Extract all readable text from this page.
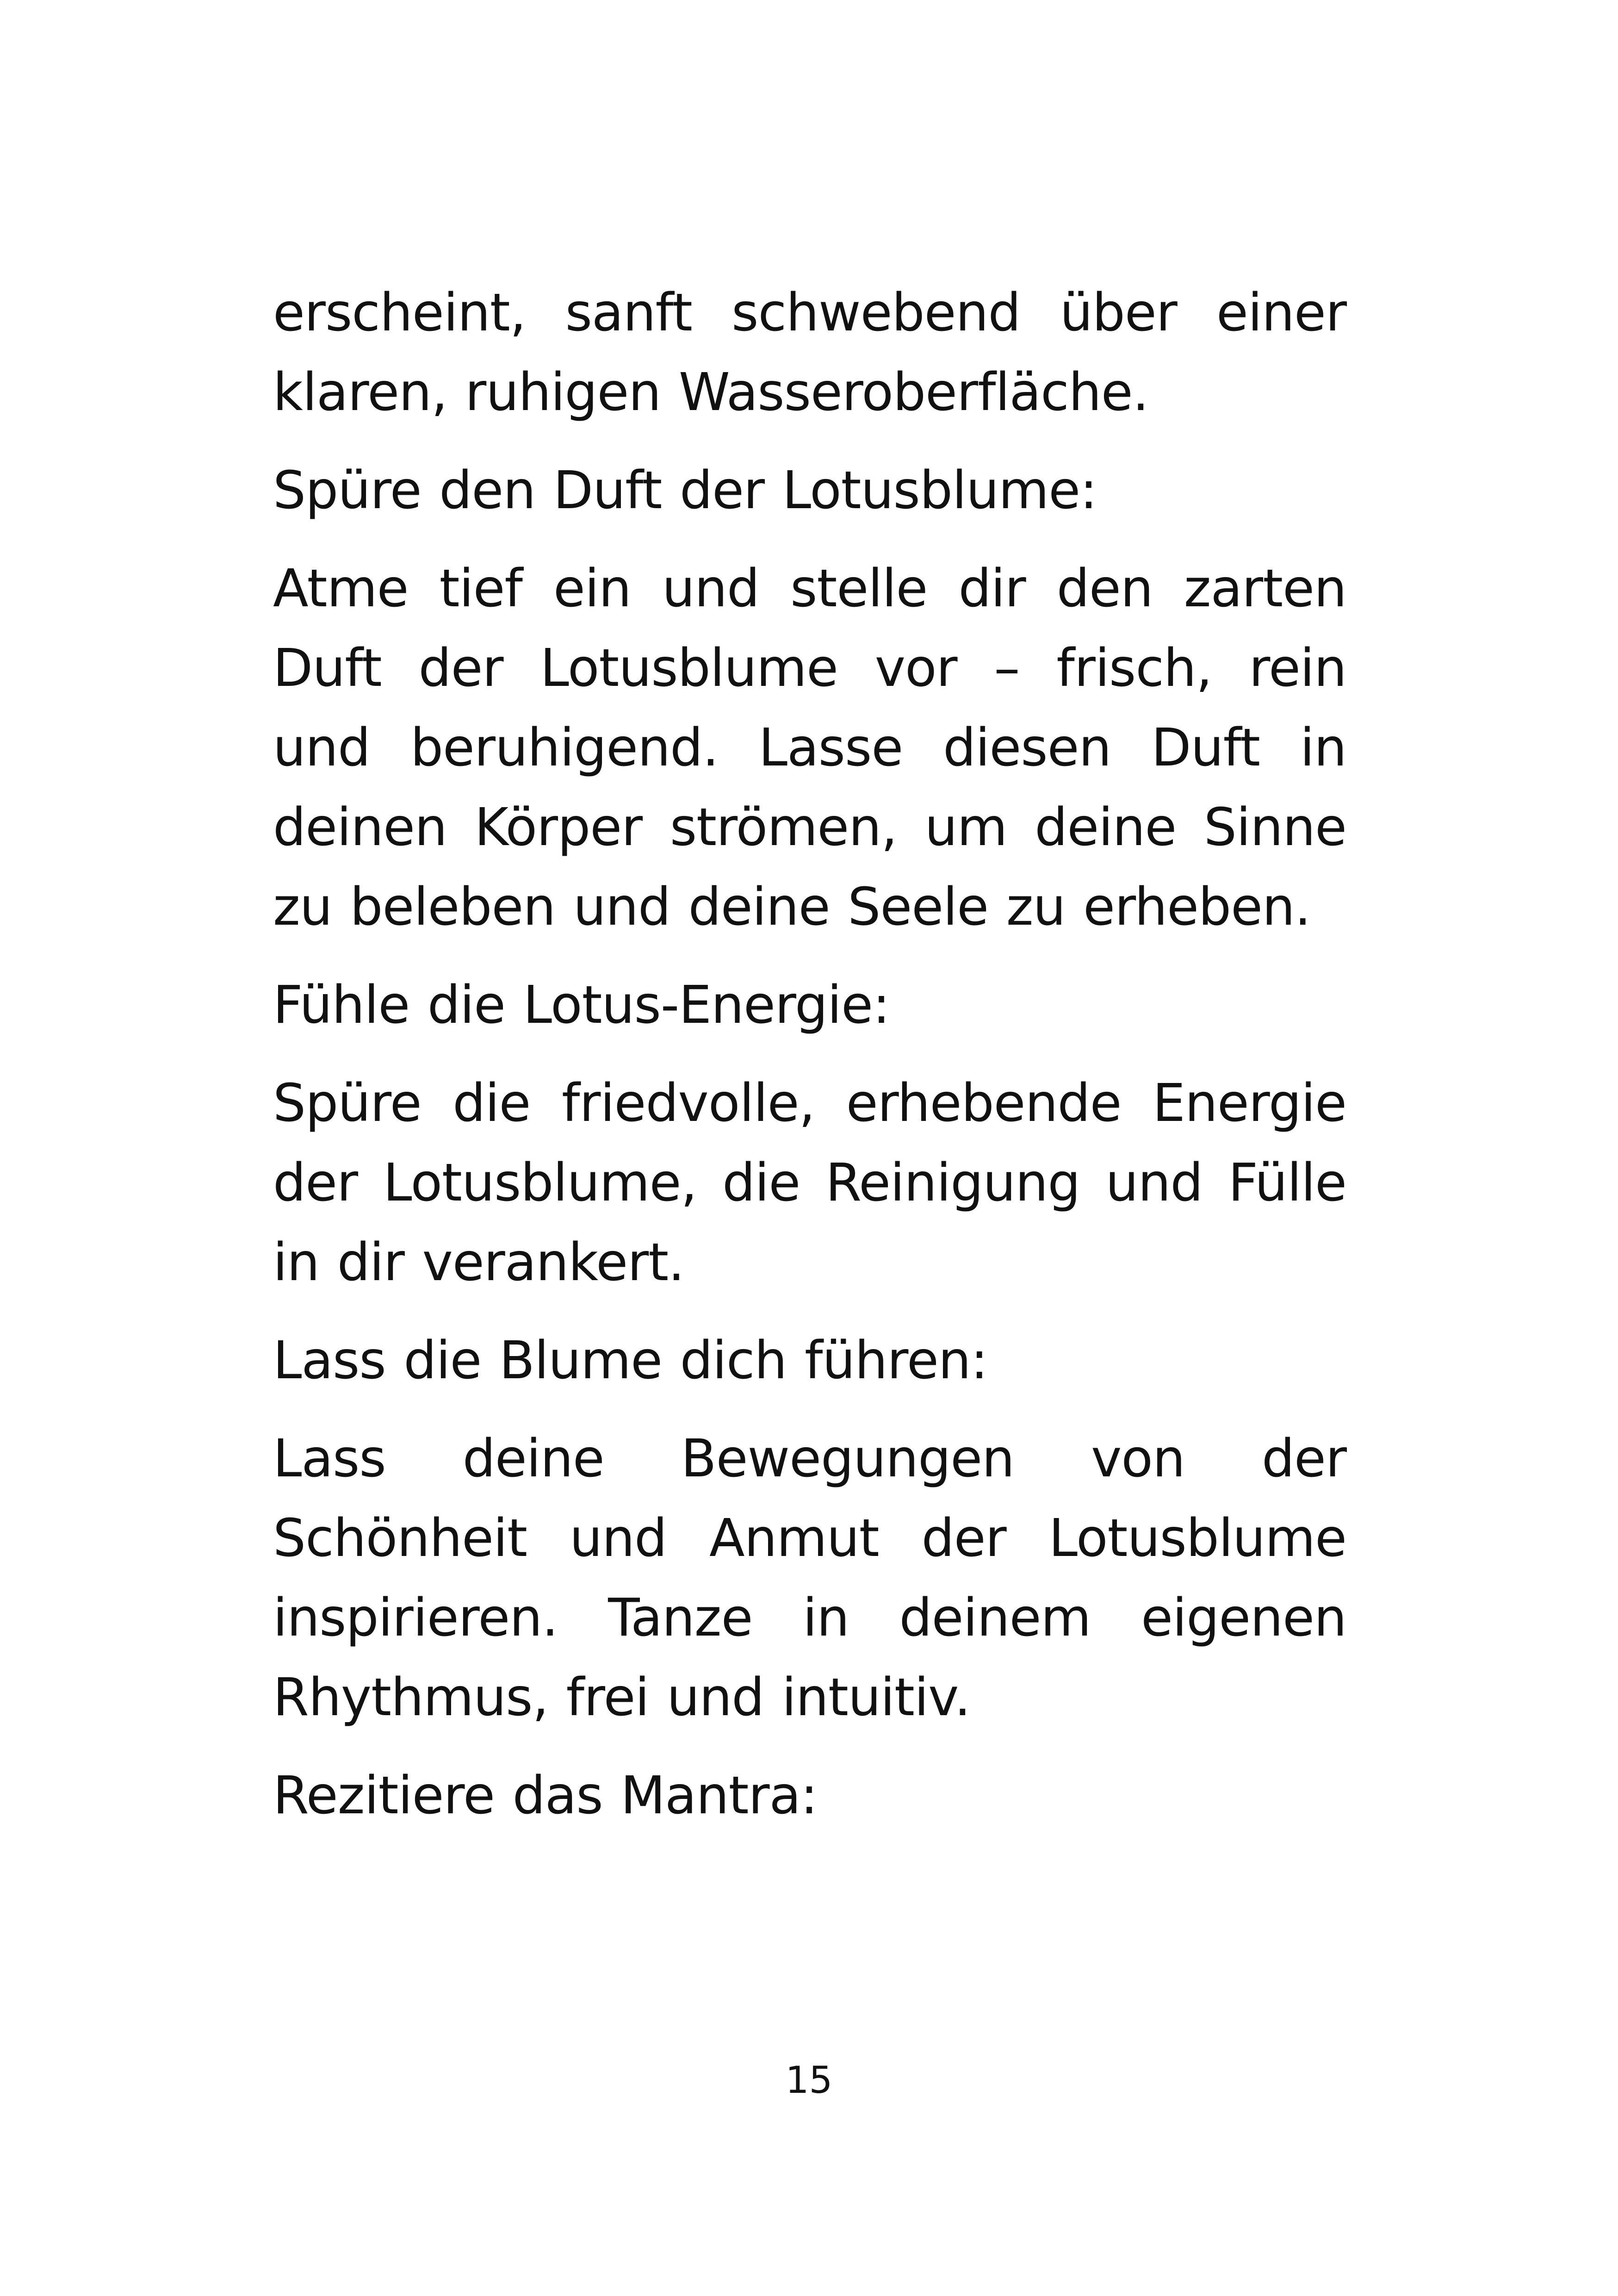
erscheint, sanft schwebend über einer klaren, ruhigen Wasseroberfläche.

Spüre den Duft der Lotusblume:

Atme tief ein und stelle dir den zarten Duft der Lotusblume vor – frisch, rein und beruhigend. Lasse diesen Duft in deinen Körper strömen, um deine Sinne zu beleben und deine Seele zu erheben.

Fühle die Lotus-Energie:

Spüre die friedvolle, erhebende Energie der Lotusblume, die Reinigung und Fülle in dir verankert.

Lass die Blume dich führen:

Lass deine Bewegungen von der Schönheit und Anmut der Lotusblume inspirieren. Tanze in deinem eigenen Rhythmus, frei und intuitiv.

Rezitiere das Mantra:

15
